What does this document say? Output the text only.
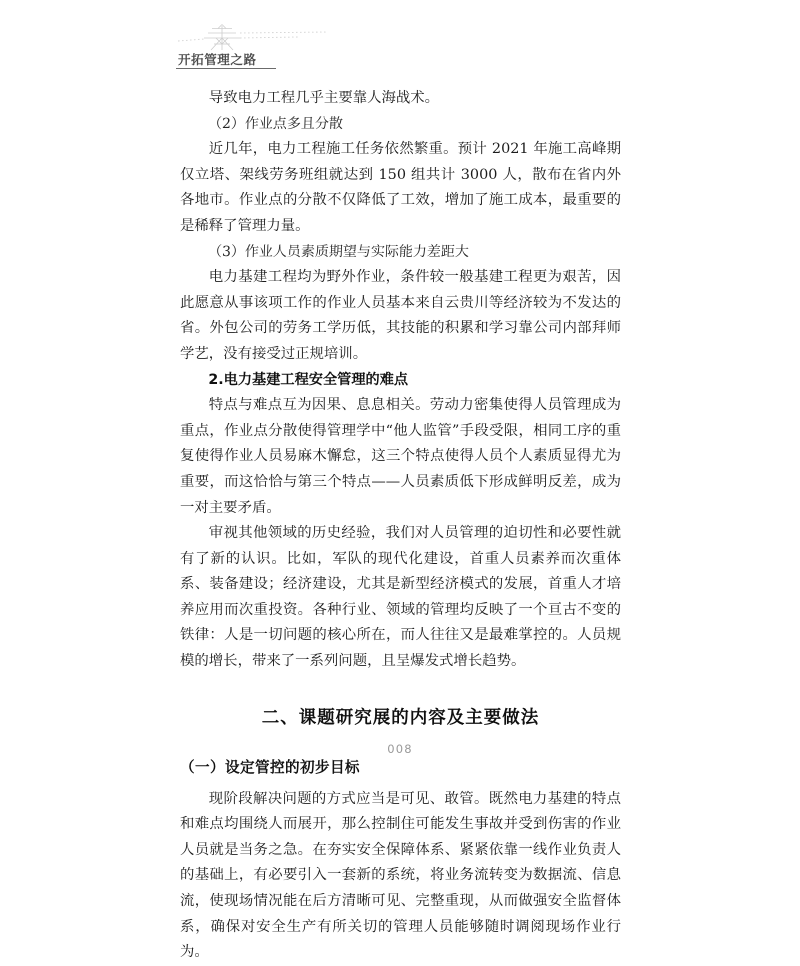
开拓管理之路

导致电力工程几乎主要靠人海战术。

（2）作业点多且分散

近几年，电力工程施工任务依然繁重。预计 2021 年施工高峰期仅立塔、架线劳务班组就达到 150 组共计 3000 人，散布在省内外各地市。作业点的分散不仅降低了工效，增加了施工成本，最重要的是稀释了管理力量。

（3）作业人员素质期望与实际能力差距大

电力基建工程均为野外作业，条件较一般基建工程更为艰苦，因此愿意从事该项工作的作业人员基本来自云贵川等经济较为不发达的省。外包公司的劳务工学历低，其技能的积累和学习靠公司内部拜师学艺，没有接受过正规培训。

2.电力基建工程安全管理的难点

特点与难点互为因果、息息相关。劳动力密集使得人员管理成为重点，作业点分散使得管理学中“他人监管”手段受限，相同工序的重复使得作业人员易麻木懈怠，这三个特点使得人员个人素质显得尤为重要，而这恰恰与第三个特点——人员素质低下形成鲜明反差，成为一对主要矛盾。

审视其他领域的历史经验，我们对人员管理的迫切性和必要性就有了新的认识。比如，军队的现代化建设，首重人员素养而次重体系、装备建设；经济建设，尤其是新型经济模式的发展，首重人才培养应用而次重投资。各种行业、领域的管理均反映了一个亘古不变的铁律：人是一切问题的核心所在，而人往往又是最难掌控的。人员规模的增长，带来了一系列问题，且呈爆发式增长趋势。

二、课题研究展的内容及主要做法
（一）设定管控的初步目标

现阶段解决问题的方式应当是可见、敢管。既然电力基建的特点和难点均围绕人而展开，那么控制住可能发生事故并受到伤害的作业人员就是当务之急。在夯实安全保障体系、紧紧依靠一线作业负责人的基础上，有必要引入一套新的系统，将业务流转变为数据流、信息流，使现场情况能在后方清晰可见、完整重现，从而做强安全监督体系，确保对安全生产有所关切的管理人员能够随时调阅现场作业行为。

008
